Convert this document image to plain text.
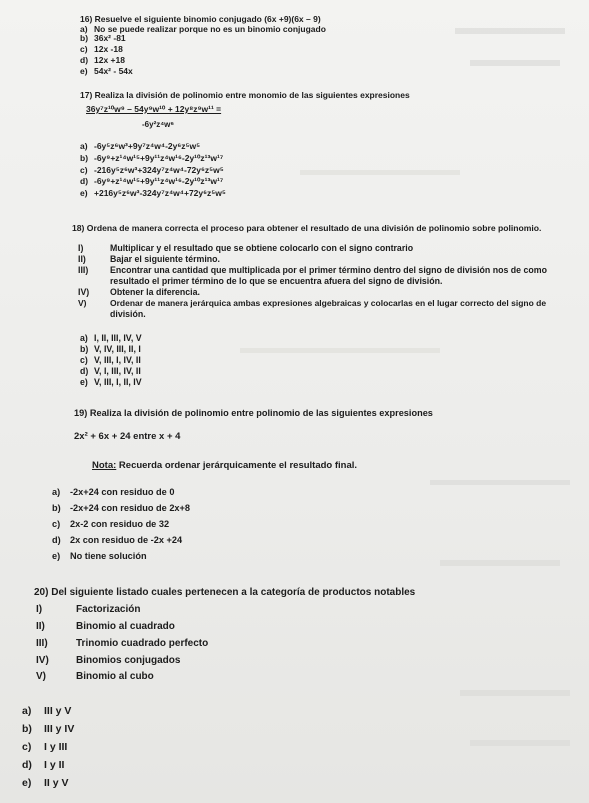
16) Resuelve el siguiente binomio conjugado (6x +9)(6x – 9)
a) No se puede realizar porque no es un binomio conjugado
b) 36x² -81
c) 12x -18
d) 12x +18
e) 54x² - 54x
17) Realiza la división de polinomio entre monomio de las siguientes expresiones
$\frac{\text{36y⁷z¹⁰w⁹ – 54y⁹w¹⁰ + 12y⁸z⁹w¹¹ =}}{\text{-6y²z⁴w⁶}}$
a) -6y⁵z⁶w³+9y⁷z⁴w⁴-2y⁶z⁵w⁵
b) -6y⁹+z¹⁴w¹⁵+9y¹¹z⁴w¹⁶-2y¹⁰z¹³w¹⁷
c) -216y⁵z⁶w³+324y⁷z⁴w⁴-72y⁶z⁵w⁵
d) -6y⁹+z¹⁴w¹⁵+9y¹¹z⁴w¹⁶-2y¹⁰z¹³w¹⁷
e) +216y⁵z⁶w³-324y⁷z⁴w⁴+72y⁶z⁵w⁵
18) Ordena de manera correcta el proceso para obtener el resultado de una división de polinomio sobre polinomio.
I)	Multiplicar y el resultado que se obtiene colocarlo con el signo contrario
II)	Bajar el siguiente término.
III) Encontrar una cantidad que multiplicada por el primer término dentro del signo de división nos de como
resultado el primer término de lo que se encuentra afuera del signo de división.
IV) Obtener la diferencia.
V)	Ordenar de manera jerárquica ambas expresiones algebraicas y colocarlas en el lugar correcto del signo de
división.
a) I, II, III, IV, V
b) V, IV, III, II, I
c) V, III, I, IV, II
d) V, I, III, IV, II
e) V, III, I, II, IV
19) Realiza la división de polinomio entre polinomio de las siguientes expresiones
2x² + 6x + 24 entre x + 4
Nota: Recuerda ordenar jerárquicamente el resultado final.
a) -2x+24 con residuo de 0
b) -2x+24 con residuo de 2x+8
c) 2x-2 con residuo de 32
d) 2x con residuo de -2x +24
e) No tiene solución
20) Del siguiente listado cuales pertenecen a la categoría de productos notables
I)	Factorización
II)	Binomio al cuadrado
III)	Trinomio cuadrado perfecto
IV)	Binomios conjugados
V)	Binomio al cubo
a) III y V
b) III y IV
c) I y III
d) I y II
e) II y V
